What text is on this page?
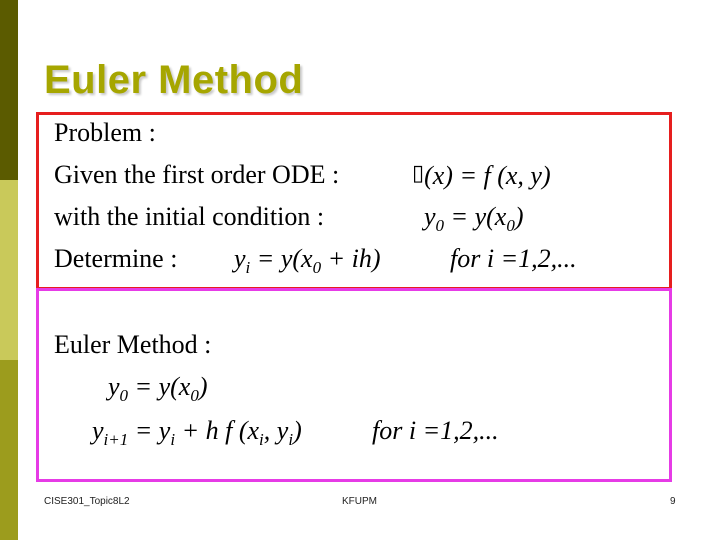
Euler Method
Problem :
Given the first order ODE :	▯(x) = f (x, y)
with the initial condition :	$y_0 = y(x_0)$
Determine : $y_i = y(x_0 + ih)$	for i =1,2,...
Euler Method :
$y_0 = y(x_0)$
$y_{i+1} = y_i + h$ f ($x_i$, $y_i$)	for i =1,2,...
CISE301_Topic8L2	KFUPM	9
